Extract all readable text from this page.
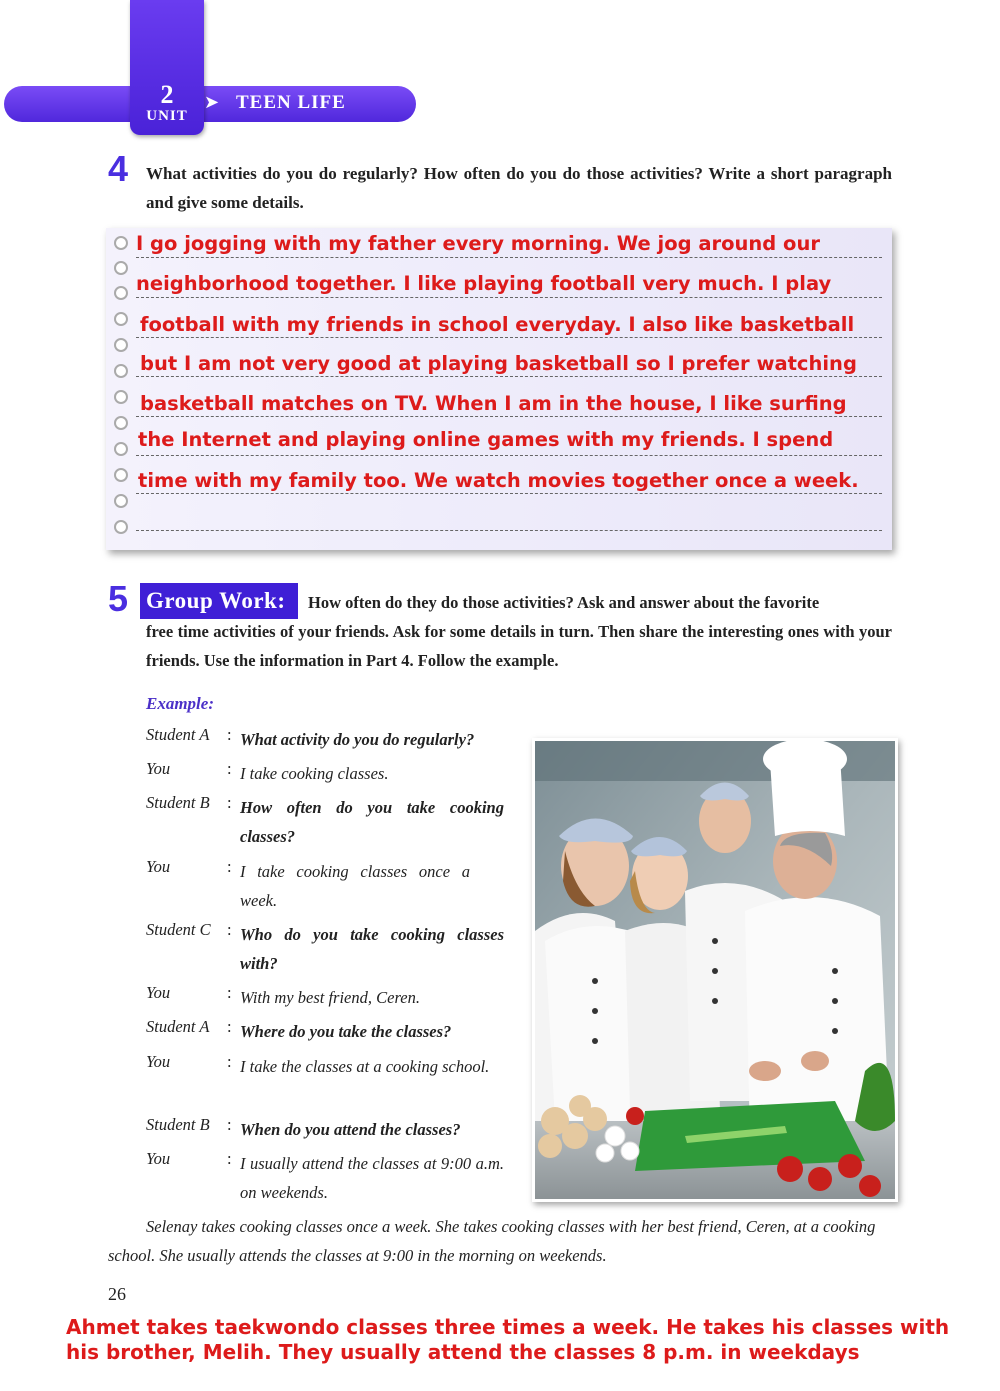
2
UNIT
➤ TEEN LIFE
4 What activities do you do regularly? How often do you do those activities? Write a short paragraph and give some details.
I go jogging with my father every morning. We jog around our
neighborhood together. I like playing football very much. I play
football with my friends in school everyday. I also like basketball
but I am not very good at playing basketball so I prefer watching
basketball matches on TV. When I am in the house, I like surfing
the Internet and playing online games with my friends. I spend
time with my family too. We watch movies together once a week.
5 Group Work:	How often do they do those activities? Ask and answer about the favorite
free time activities of your friends. Ask for some details in turn. Then share the interesting ones with your friends. Use the information in Part 4. Follow the example.
Example:
Student A : What activity do you do regularly?
You	: I take cooking classes.
Student B : How often do you take cooking classes?
You	: I take cooking classes once a week.
Student C : Who do you take cooking classes with?
You	: With my best friend, Ceren.
Student A : Where do you take the classes?
You	: I take the classes at a cooking school.
Student B : When do you attend the classes?
You	: I usually attend the classes at 9:00 a.m. on weekends.
Selenay takes cooking classes once a week. She takes cooking classes with her best friend, Ceren, at a cooking school. She usually attends the classes at 9:00 in the morning on weekends.
26
Ahmet takes taekwondo classes three times a week. He takes his classes with his brother, Melih. They usually attend the classes 8 p.m. in weekdays
